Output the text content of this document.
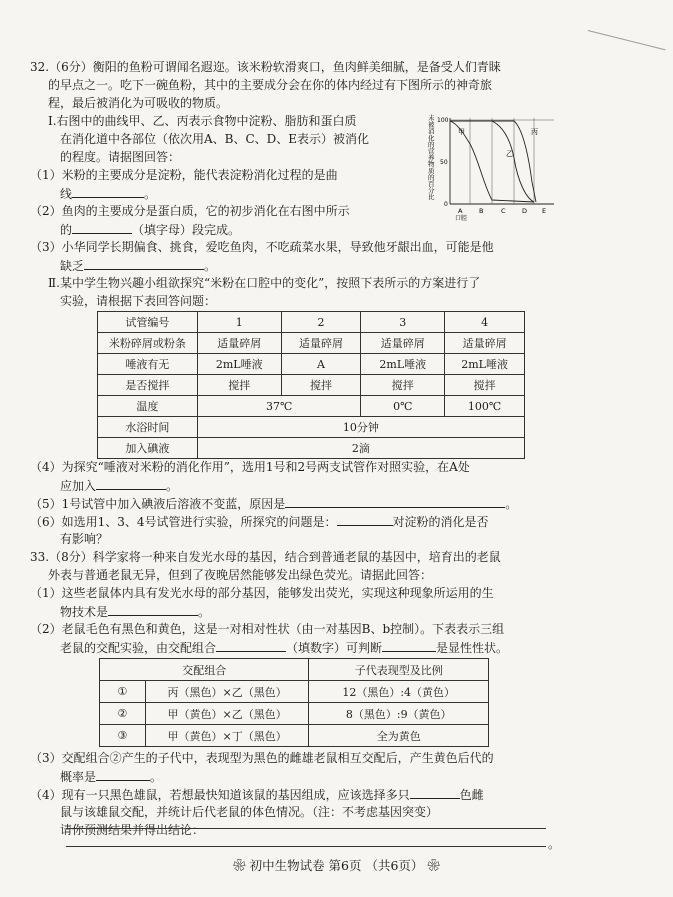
32.（6分）衡阳的鱼粉可谓闻名遐迩。该米粉软滑爽口，鱼肉鲜美细腻，是备受人们青睐
的早点之一。吃下一碗鱼粉，其中的主要成分会在你的体内经过有下图所示的神奇旅
程，最后被消化为可吸收的物质。
Ⅰ.右图中的曲线甲、乙、丙表示食物中淀粉、脂肪和蛋白质
在消化道中各部位（依次用A、B、C、D、E表示）被消化
的程度。请据图回答：
（1）米粉的主要成分是淀粉，能代表淀粉消化过程的是曲
线	。
（2）鱼肉的主要成分是蛋白质，它的初步消化在右图中所示
的	（填字母）段完成。
（3）小华同学长期偏食、挑食，爱吃鱼肉，不吃疏菜水果，导致他牙龈出血，可能是他
缺乏	。
Ⅱ.某中学生物兴趣小组欲探究“米粉在口腔中的变化”，按照下表所示的方案进行了
实验，请根据下表回答问题：
未被消化的营养物质的百分比
100
50
0
A	B	C	D E
口腔
甲
乙
丙
试管编号	1	2	3	4
米粉碎屑或粉条	适量碎屑	适量碎屑	适量碎屑	适量碎屑
唾液有无	2mL唾液	A	2mL唾液	2mL唾液
是否搅拌	搅拌	搅拌	搅拌	搅拌
温度	37℃		0℃	100℃
水浴时间	10分钟			
加入碘液	2滴			
（4）为探究“唾液对米粉的消化作用”，选用1号和2号两支试管作对照实验，在A处
应加入	。
（5）1号试管中加入碘液后溶液不变蓝，原因是	。
（6）如选用1、3、4号试管进行实验，所探究的问题是：	对淀粉的消化是否
有影响？
33.（8分）科学家将一种来自发光水母的基因，结合到普通老鼠的基因中，培育出的老鼠
外表与普通老鼠无异，但到了夜晚居然能够发出绿色荧光。请据此回答：
（1）这些老鼠体内具有发光水母的部分基因，能够发出荧光，实现这种现象所运用的生
物技术是	。
（2）老鼠毛色有黑色和黄色，这是一对相对性状（由一对基因B、b控制）。下表表示三组
老鼠的交配实验，由交配组合	（填数字）可判断	是显性性状。
交配组合		子代表现型及比例
①	丙（黑色）×乙（黑色）	12（黑色）:4（黄色）
②	甲（黄色）×乙（黑色）	8（黑色）:9（黄色）
③	甲（黄色）×丁（黑色）	全为黄色
（3）交配组合②产生的子代中，表现型为黑色的雌雄老鼠相互交配后，产生黄色后代的
概率是	。
（4）现有一只黑色雄鼠，若想最快知道该鼠的基因组成，应该选择多只	色雌
鼠与该雄鼠交配，并统计后代老鼠的体色情况。（注：不考虑基因突变）
请你预测结果并得出结论：
。
❀ 初中生物试卷 第6页 （共6页） ❀
